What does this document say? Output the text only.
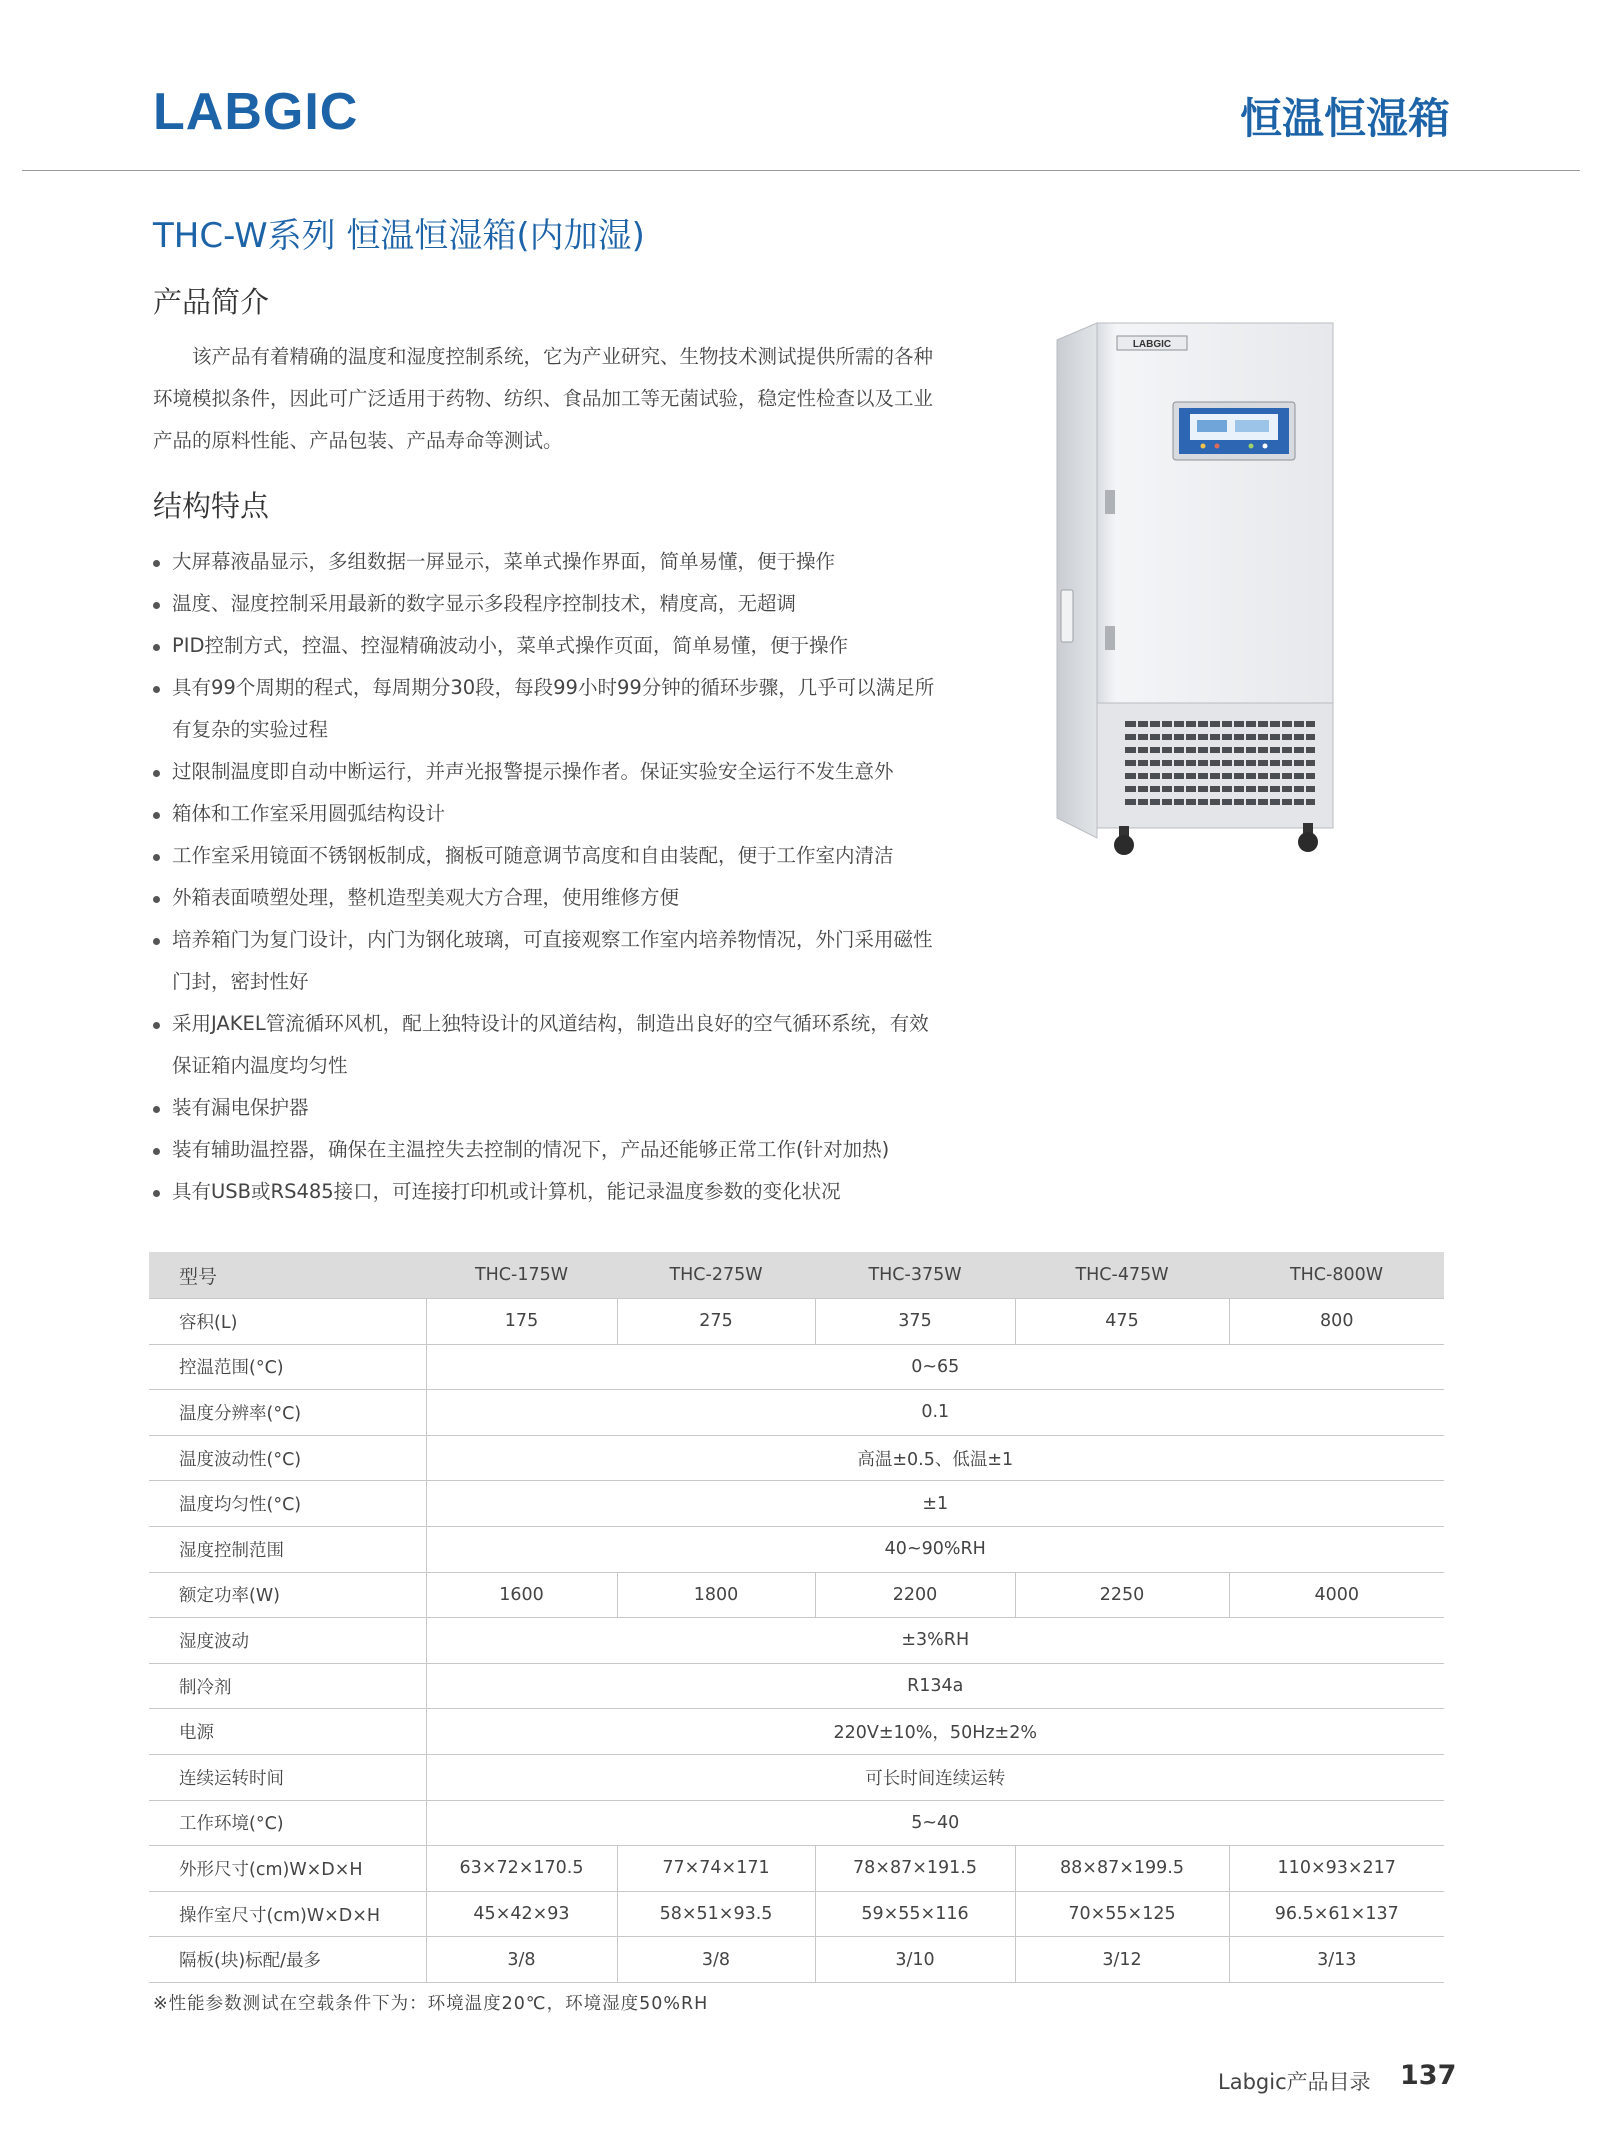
LABGIC	恒温恒湿箱
THC-W系列 恒温恒湿箱(内加湿)
产品简介

该产品有着精确的温度和湿度控制系统，它为产业研究、生物技术测试提供所需的各种环境模拟条件，因此可广泛适用于药物、纺织、食品加工等无菌试验，稳定性检查以及工业产品的原料性能、产品包装、产品寿命等测试。

结构特点
大屏幕液晶显示，多组数据一屏显示，菜单式操作界面，简单易懂，便于操作
温度、湿度控制采用最新的数字显示多段程序控制技术，精度高，无超调
PID控制方式，控温、控湿精确波动小，菜单式操作页面，简单易懂，便于操作
具有99个周期的程式，每周期分30段，每段99小时99分钟的循环步骤，几乎可以满足所有复杂的实验过程
过限制温度即自动中断运行，并声光报警提示操作者。保证实验安全运行不发生意外
箱体和工作室采用圆弧结构设计
工作室采用镜面不锈钢板制成，搁板可随意调节高度和自由装配，便于工作室内清洁
外箱表面喷塑处理，整机造型美观大方合理，使用维修方便
培养箱门为复门设计，内门为钢化玻璃，可直接观察工作室内培养物情况，外门采用磁性门封，密封性好
采用JAKEL管流循环风机，配上独特设计的风道结构，制造出良好的空气循环系统，有效保证箱内温度均匀性
装有漏电保护器
装有辅助温控器，确保在主温控失去控制的情况下，产品还能够正常工作(针对加热)
具有USB或RS485接口，可连接打印机或计算机，能记录温度参数的变化状况
LABGIC
型号	THC-175W	THC-275W	THC-375W	THC-475W	THC-800W
容积(L)	175	275	375	475	800
控温范围(°C)	0~65				
温度分辨率(°C)	0.1				
温度波动性(°C)	高温±0.5、低温±1				
温度均匀性(°C)	±1				
湿度控制范围	40~90%RH				
额定功率(W)	1600	1800	2200	2250	4000
湿度波动	±3%RH				
制冷剂	R134a				
电源	220V±10%，50Hz±2%				
连续运转时间	可长时间连续运转				
工作环境(°C)	5~40				
外形尺寸(cm)W×D×H	63×72×170.5	77×74×171	78×87×191.5	88×87×199.5	110×93×217
操作室尺寸(cm)W×D×H	45×42×93	58×51×93.5	59×55×116	70×55×125	96.5×61×137
隔板(块)标配/最多	3/8	3/8	3/10	3/12	3/13
※性能参数测试在空载条件下为：环境温度20℃，环境湿度50%RH
Labgic产品目录 137
